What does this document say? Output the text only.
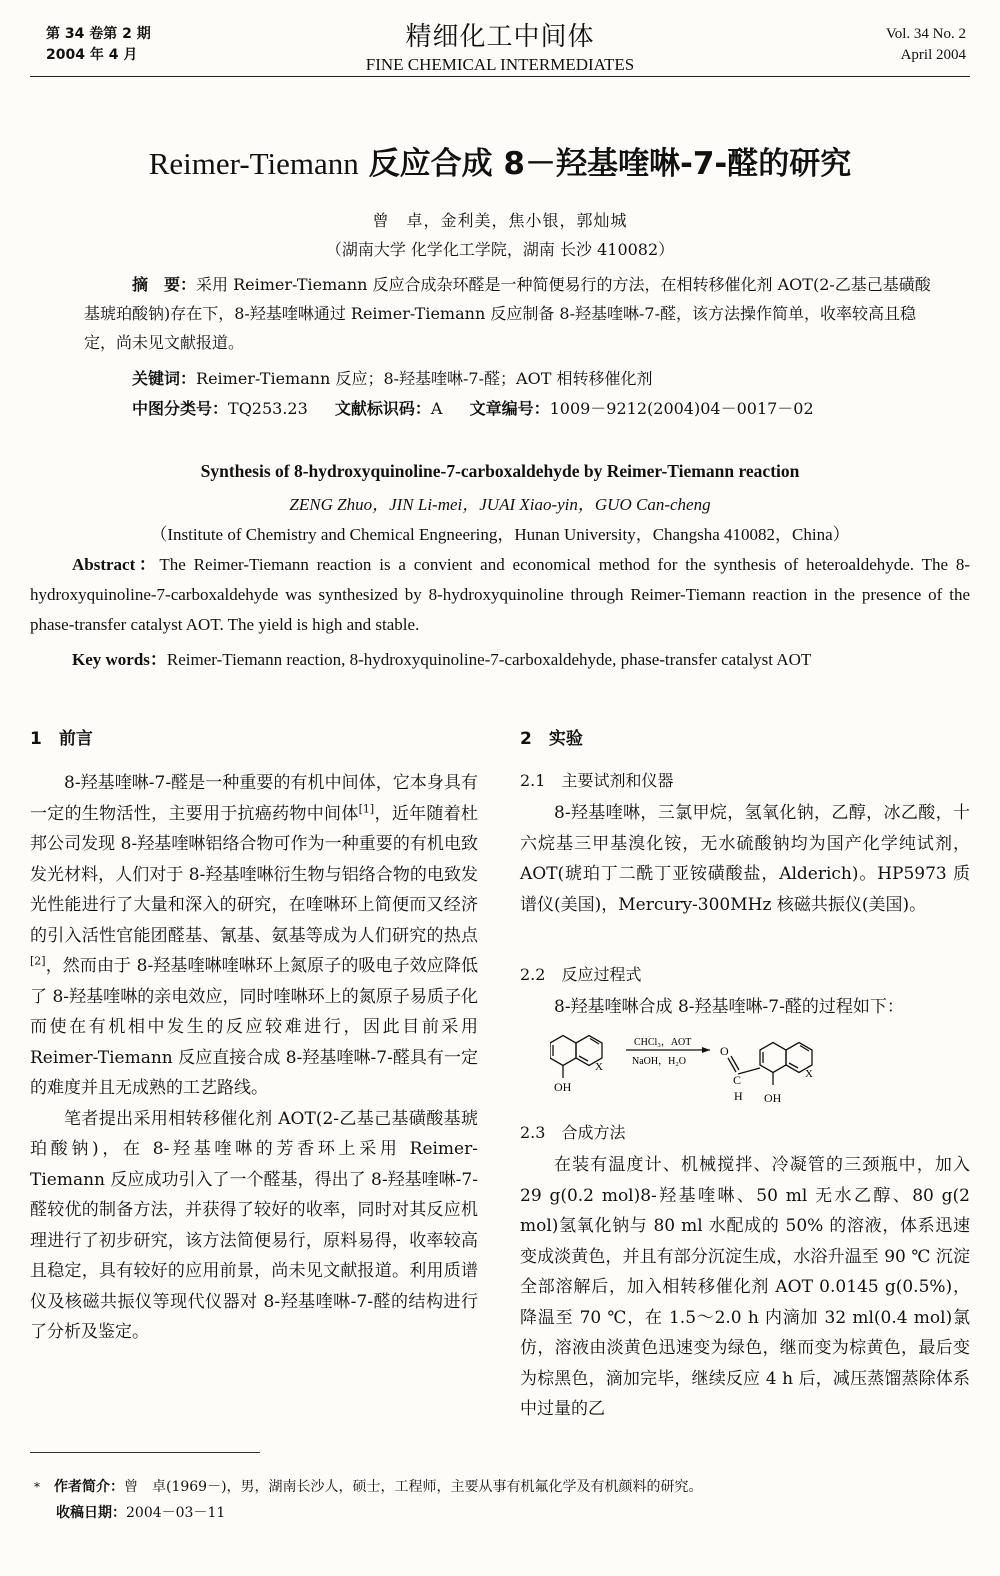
第 34 卷第 2 期
2004 年 4 月
精细化工中间体
FINE CHEMICAL INTERMEDIATES
Vol. 34 No. 2
April 2004
Reimer-Tiemann 反应合成 8－羟基喹啉-7-醛的研究
曾　卓，金利美，焦小银，郭灿城
（湖南大学 化学化工学院，湖南 长沙 410082）
摘　要：采用 Reimer-Tiemann 反应合成杂环醛是一种简便易行的方法，在相转移催化剂 AOT(2-乙基己基磺酸基琥珀酸钠)存在下，8-羟基喹啉通过 Reimer-Tiemann 反应制备 8-羟基喹啉-7-醛，该方法操作简单，收率较高且稳定，尚未见文献报道。
关键词：Reimer-Tiemann 反应；8-羟基喹啉-7-醛；AOT 相转移催化剂
中图分类号：TQ253.23 文献标识码：A 文章编号：1009－9212(2004)04－0017－02
Synthesis of 8-hydroxyquinoline-7-carboxaldehyde by Reimer-Tiemann reaction
ZENG Zhuo，JIN Li-mei，JUAI Xiao-yin，GUO Can-cheng
（Institute of Chemistry and Chemical Engneering，Hunan University，Changsha 410082，China）
Abstract：The Reimer-Tiemann reaction is a convient and economical method for the synthesis of heteroaldehyde. The 8-hydroxyquinoline-7-carboxaldehyde was synthesized by 8-hydroxyquinoline through Reimer-Tiemann reaction in the presence of the phase-transfer catalyst AOT. The yield is high and stable.
Key words：Reimer-Tiemann reaction, 8-hydroxyquinoline-7-carboxaldehyde, phase-transfer catalyst AOT
1　前言

8-羟基喹啉-7-醛是一种重要的有机中间体，它本身具有一定的生物活性，主要用于抗癌药物中间体[1]，近年随着杜邦公司发现 8-羟基喹啉铝络合物可作为一种重要的有机电致发光材料，人们对于 8-羟基喹啉衍生物与铝络合物的电致发光性能进行了大量和深入的研究，在喹啉环上简便而又经济的引入活性官能团醛基、氰基、氨基等成为人们研究的热点[2]，然而由于 8-羟基喹啉喹啉环上氮原子的吸电子效应降低了 8-羟基喹啉的亲电效应，同时喹啉环上的氮原子易质子化而使在有机相中发生的反应较难进行，因此目前采用 Reimer-Tiemann 反应直接合成 8-羟基喹啉-7-醛具有一定的难度并且无成熟的工艺路线。

笔者提出采用相转移催化剂 AOT(2-乙基己基磺酸基琥珀酸钠)，在 8-羟基喹啉的芳香环上采用 Reimer-Tiemann 反应成功引入了一个醛基，得出了 8-羟基喹啉-7-醛较优的制备方法，并获得了较好的收率，同时对其反应机理进行了初步研究，该方法简便易行，原料易得，收率较高且稳定，具有较好的应用前景，尚未见文献报道。利用质谱仪及核磁共振仪等现代仪器对 8-羟基喹啉-7-醛的结构进行了分析及鉴定。

2　实验
2.1　主要试剂和仪器

8-羟基喹啉，三氯甲烷，氢氧化钠，乙醇，冰乙酸，十六烷基三甲基溴化铵，无水硫酸钠均为国产化学纯试剂，AOT(琥珀丁二酰丁亚铵磺酸盐，Alderich)。HP5973 质谱仪(美国)，Mercury-300MHz 核磁共振仪(美国)。

2.2　反应过程式

8-羟基喹啉合成 8-羟基喹啉-7-醛的过程如下：

X
OH
CHCl₃，AOT
NaOH，H₂O
O
C
H
X
OH
2.3　合成方法

在装有温度计、机械搅拌、冷凝管的三颈瓶中，加入 29 g(0.2 mol)8-羟基喹啉、50 ml 无水乙醇、80 g(2 mol)氢氧化钠与 80 ml 水配成的 50% 的溶液，体系迅速变成淡黄色，并且有部分沉淀生成，水浴升温至 90 ℃ 沉淀全部溶解后，加入相转移催化剂 AOT 0.0145 g(0.5%)，降温至 70 ℃，在 1.5～2.0 h 内滴加 32 ml(0.4 mol)氯仿，溶液由淡黄色迅速变为绿色，继而变为棕黄色，最后变为棕黑色，滴加完毕，继续反应 4 h 后，减压蒸馏蒸除体系中过量的乙

* 作者简介：曾　卓(1969－)，男，湖南长沙人，硕士，工程师，主要从事有机氟化学及有机颜料的研究。
收稿日期：2004－03－11
